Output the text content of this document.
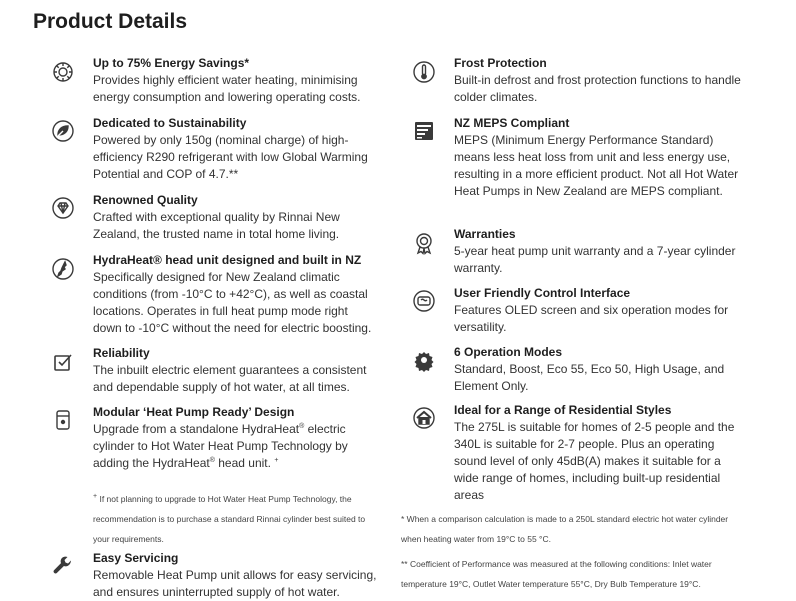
Product Details
Up to 75% Energy Savings*
Provides highly efficient water heating, minimising energy consumption and lowering operating costs.
Dedicated to Sustainability
Powered by only 150g (nominal charge) of high-efficiency R290 refrigerant with low Global Warming Potential and COP of 4.7.**
Renowned Quality
Crafted with exceptional quality by Rinnai New Zealand, the trusted name in total home living.
HydraHeat® head unit designed and built in NZ
Specifically designed for New Zealand climatic conditions (from -10°C to +42°C), as well as coastal locations. Operates in full heat pump mode right down to -10°C without the need for electric boosting.
Reliability
The inbuilt electric element guarantees a consistent and dependable supply of hot water, at all times.
Modular ‘Heat Pump Ready’ Design
Upgrade from a standalone HydraHeat® electric cylinder to Hot Water Heat Pump Technology by adding the HydraHeat® head unit. +
+ If not planning to upgrade to Hot Water Heat Pump Technology, the recommendation is to purchase a standard Rinnai cylinder best suited to your requirements.
Easy Servicing
Removable Heat Pump unit allows for easy servicing, and ensures uninterrupted supply of hot water.
Frost Protection
Built-in defrost and frost protection functions to handle colder climates.
NZ MEPS Compliant
MEPS (Minimum Energy Performance Standard) means less heat loss from unit and less energy use, resulting in a more efficient product. Not all Hot Water Heat Pumps in New Zealand are MEPS compliant.
Warranties
5-year heat pump unit warranty and a 7-year cylinder warranty.
User Friendly Control Interface
Features OLED screen and six operation modes for versatility.
6 Operation Modes
Standard, Boost, Eco 55, Eco 50, High Usage, and Element Only.
Ideal for a Range of Residential Styles
The 275L is suitable for homes of 2-5 people and the 340L is suitable for 2-7 people. Plus an operating sound level of only 45dB(A) makes it suitable for a wide range of homes, including built-up residential areas
* When a comparison calculation is made to a 250L standard electric hot water cylinder when heating water from 19°C to 55 °C.
** Coefficient of Performance was measured at the following conditions: Inlet water temperature 19°C, Outlet Water temperature 55°C, Dry Bulb Temperature 19°C.
